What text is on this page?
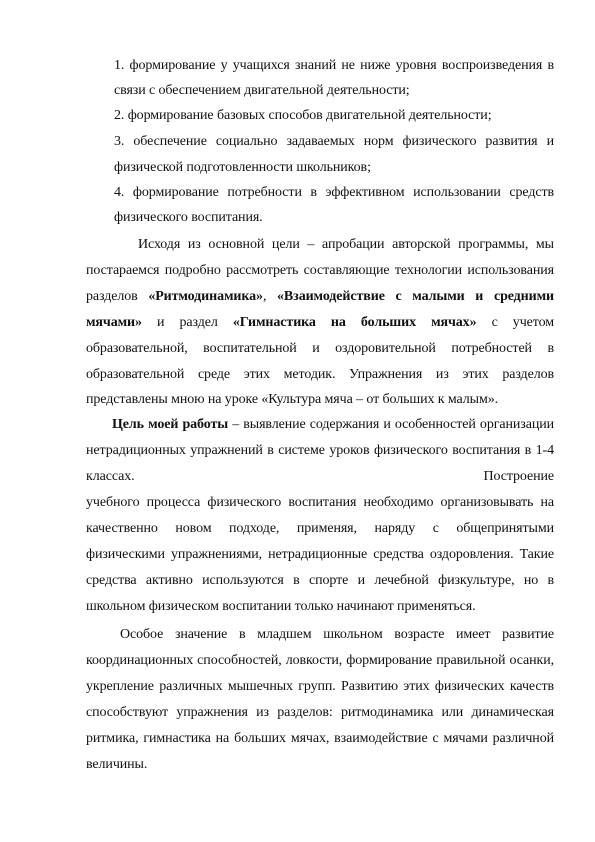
1. формирование у учащихся знаний не ниже уровня воспроизведения в
связи с обеспечением двигательной деятельности;
2. формирование базовых способов двигательной деятельности;
3. обеспечение социально задаваемых норм физического развития и
физической подготовленности школьников;
4. формирование потребности в эффективном использовании средств
физического воспитания.
Исходя из основной цели – апробации авторской программы, мы
постараемся подробно рассмотреть составляющие технологии использования
разделов «Ритмодинамика», «Взаимодействие с малыми и средними
мячами» и раздел «Гимнастика на больших мячах» с учетом
образовательной, воспитательной и оздоровительной потребностей в
образовательной среде этих методик. Упражнения из этих разделов
представлены мною на уроке «Культура мяча – от больших к малым».
Цель моей работы – выявление содержания и особенностей организации
нетрадиционных упражнений в системе уроков физического воспитания в 1-4
классах.	Построение
учебного процесса физического воспитания необходимо организовывать на
качественно новом подходе, применяя, наряду с общепринятыми
физическими упражнениями, нетрадиционные средства оздоровления. Такие
средства активно используются в спорте и лечебной физкультуре, но в
школьном физическом воспитании только начинают применяться.
Особое значение в младшем школьном возрасте имеет развитие
координационных способностей, ловкости, формирование правильной осанки,
укрепление различных мышечных групп. Развитию этих физических качеств
способствуют упражнения из разделов: ритмодинамика или динамическая
ритмика, гимнастика на больших мячах, взаимодействие с мячами различной
величины.
